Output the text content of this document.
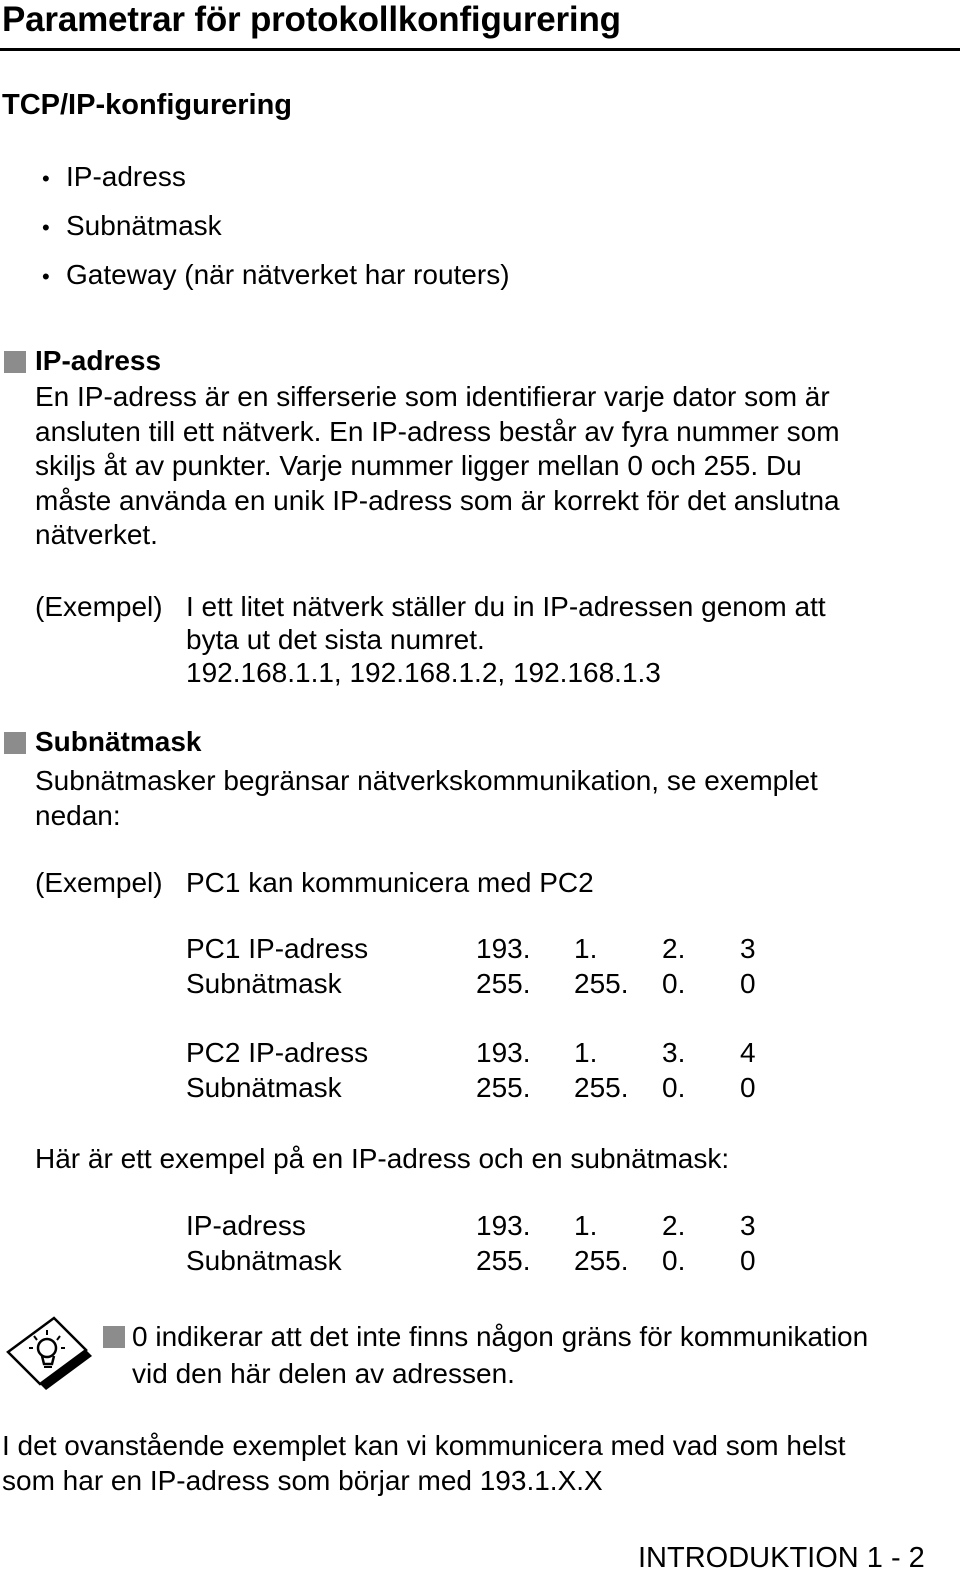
Parametrar för protokollkonfigurering
TCP/IP-konfigurering
• IP-adress
• Subnätmask
• Gateway (när nätverket har routers)
IP-adress
En IP-adress är en sifferserie som identifierar varje dator som är
ansluten till ett nätverk. En IP-adress består av fyra nummer som
skiljs åt av punkter. Varje nummer ligger mellan 0 och 255. Du
måste använda en unik IP-adress som är korrekt för det anslutna
nätverket.
(Exempel) I ett litet nätverk ställer du in IP-adressen genom att
byta ut det sista numret.
192.168.1.1, 192.168.1.2, 192.168.1.3
Subnätmask
Subnätmasker begränsar nätverkskommunikation, se exemplet
nedan:
(Exempel) PC1 kan kommunicera med PC2
PC1 IP-adress	193. 1. 2. 3
Subnätmask	255. 255. 0. 0
PC2 IP-adress	193. 1. 3. 4
Subnätmask	255. 255. 0. 0
Här är ett exempel på en IP-adress och en subnätmask:
IP-adress	193. 1. 2. 3
Subnätmask	255. 255. 0. 0
0 indikerar att det inte finns någon gräns för kommunikation
vid den här delen av adressen.
I det ovanstående exemplet kan vi kommunicera med vad som helst
som har en IP-adress som börjar med 193.1.X.X
INTRODUKTION 1 - 2
